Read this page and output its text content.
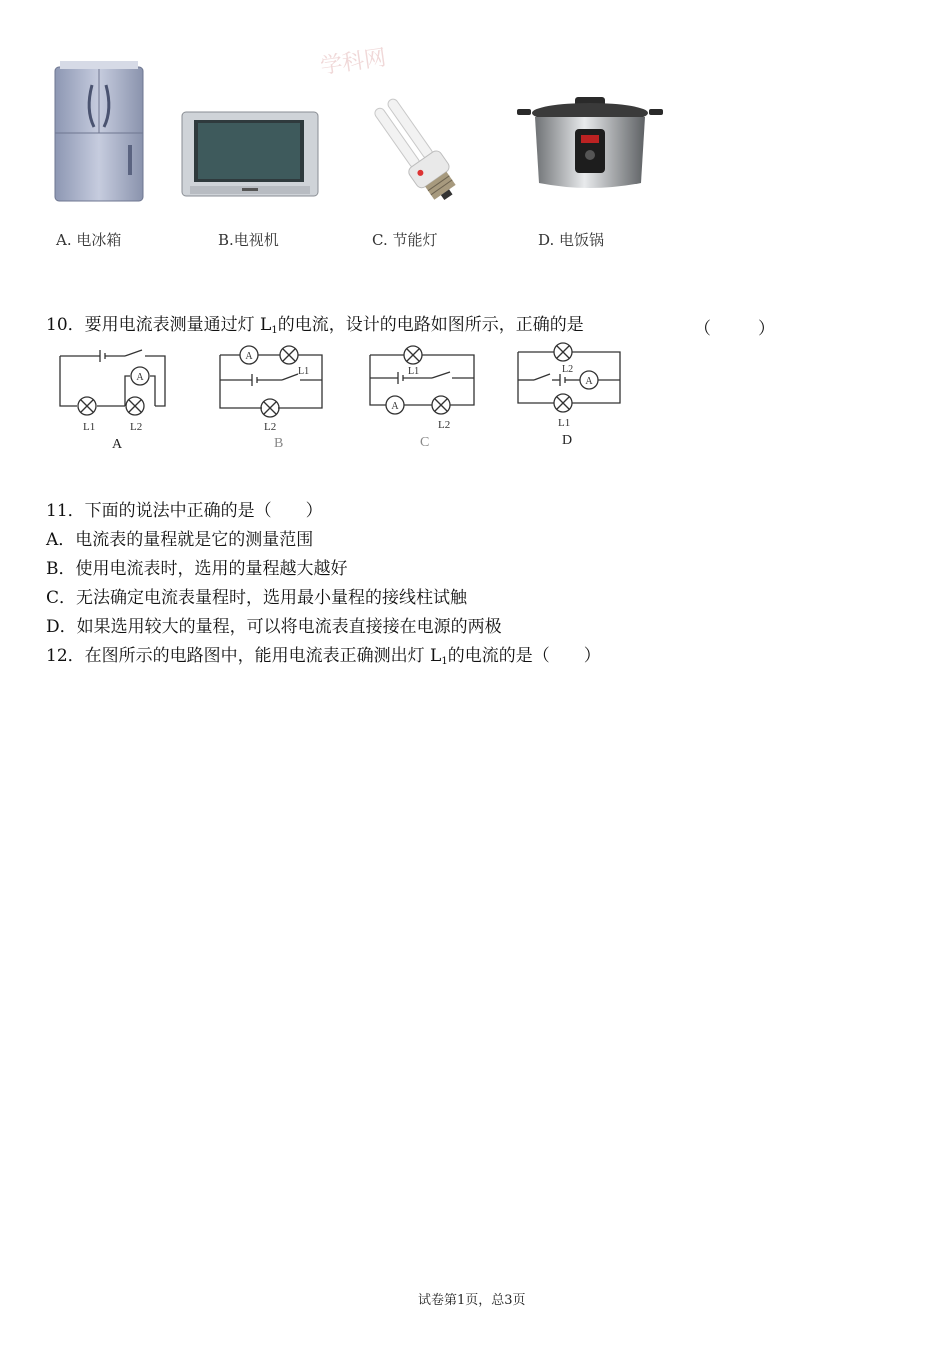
学科网
A. 电冰箱	B.电视机	C. 节能灯	D. 电饭锅
10．要用电流表测量通过灯 L1的电流，设计的电路如图所示，正确的是	（	）
A
L1	L2
A
A
L1
L2
B
A
L1
L2
C
A
L2
L1
D
11．下面的说法中正确的是（　　）
A．电流表的量程就是它的测量范围
B．使用电流表时，选用的量程越大越好
C．无法确定电流表量程时，选用最小量程的接线柱试触
D．如果选用较大的量程，可以将电流表直接接在电源的两极
12．在图所示的电路图中，能用电流表正确测出灯 L1的电流的是（　　）
试卷第1页，总3页
